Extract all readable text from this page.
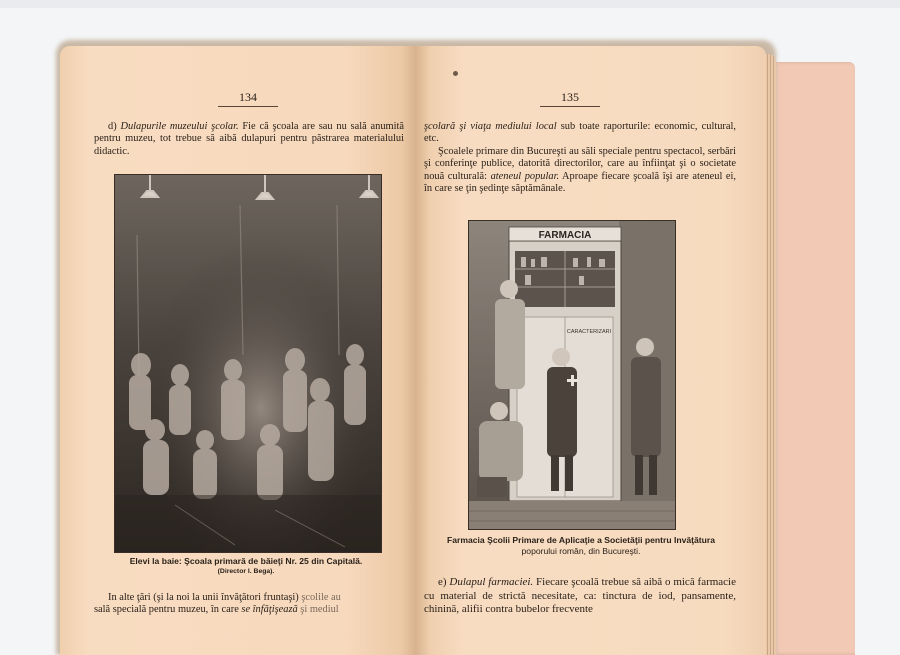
134

d) Dulapurile muzeului şcolar. Fie că şcoala are sau nu sală anumită pentru muzeu, tot trebue să aibă dulapuri pentru păstrarea materialului didactic.

Elevi la baie: Şcoala primară de băieţi Nr. 25 din Capitală.
(Director I. Bega).

In alte ţări (şi la noi la unii învăţători fruntaşi) şcolile au
sală specială pentru muzeu, în care se înfăţişează şi mediul

135

şcolară şi viaţa mediului local sub toate raporturile: economic, cultural, etc.

Şcoalele primare din Bucureşti au săli speciale pentru spectacol, serbări şi conferinţe publice, datorită directorilor, care au înfiinţat şi o societate nouă culturală: ateneul popular. Aproape fiecare şcoală îşi are ateneul ei, în care se ţin şedinţe săptămânale.

FARMACIA
CARACTERIZARI
Farmacia Şcolii Primare de Aplicaţie a Societăţii pentru Invăţătura
poporului român, din Bucureşti.

e) Dulapul farmaciei. Fiecare şcoală trebue să aibă o mică farmacie cu material de strictă necesitate, ca: tinctura de iod, pansamente, chinină, alifii contra bubelor frecvente
